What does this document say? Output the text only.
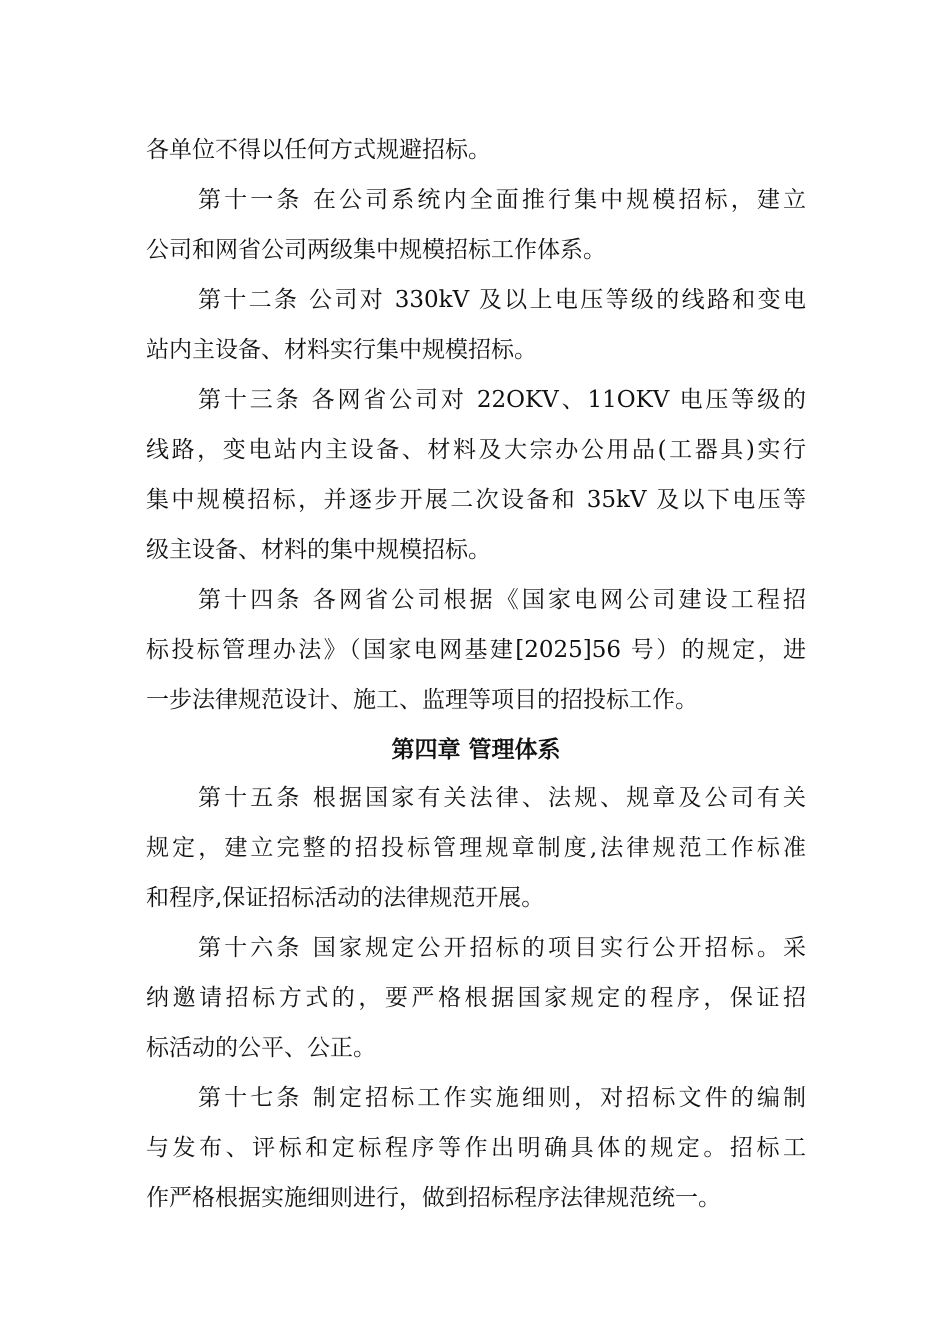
各单位不得以任何方式规避招标。
第十一条 在公司系统内全面推行集中规模招标，建立
公司和网省公司两级集中规模招标工作体系。
第十二条 公司对 330kV 及以上电压等级的线路和变电
站内主设备、材料实行集中规模招标。
第十三条 各网省公司对 22OKV、11OKV 电压等级的
线路，变电站内主设备、材料及大宗办公用品(工器具)实行
集中规模招标，并逐步开展二次设备和 35kV 及以下电压等
级主设备、材料的集中规模招标。
第十四条 各网省公司根据《国家电网公司建设工程招
标投标管理办法》（国家电网基建[2025]56 号）的规定，进
一步法律规范设计、施工、监理等项目的招投标工作。
第四章 管理体系
第十五条 根据国家有关法律、法规、规章及公司有关
规定，建立完整的招投标管理规章制度,法律规范工作标准
和程序,保证招标活动的法律规范开展。
第十六条 国家规定公开招标的项目实行公开招标。采
纳邀请招标方式的，要严格根据国家规定的程序，保证招
标活动的公平、公正。
第十七条 制定招标工作实施细则，对招标文件的编制
与发布、评标和定标程序等作出明确具体的规定。招标工
作严格根据实施细则进行，做到招标程序法律规范统一。
